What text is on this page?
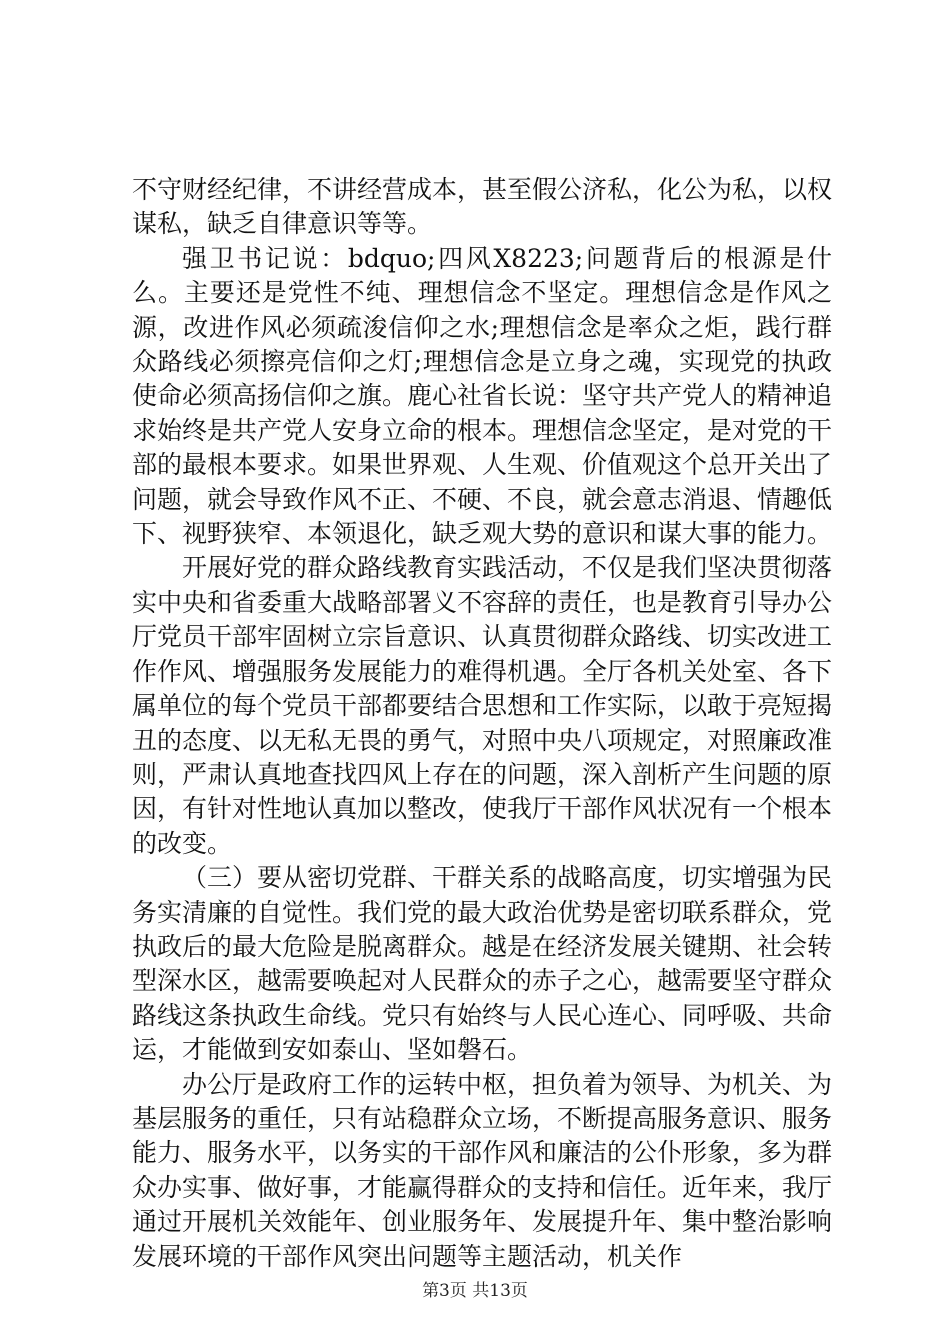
不守财经纪律，不讲经营成本，甚至假公济私，化公为私，以权谋私，缺乏自律意识等等。

强卫书记说：bdquo;四风X8223;问题背后的根源是什么。主要还是党性不纯、理想信念不坚定。理想信念是作风之源，改进作风必须疏浚信仰之水;理想信念是率众之炬，践行群众路线必须擦亮信仰之灯;理想信念是立身之魂，实现党的执政使命必须高扬信仰之旗。鹿心社省长说：坚守共产党人的精神追求始终是共产党人安身立命的根本。理想信念坚定，是对党的干部的最根本要求。如果世界观、人生观、价值观这个总开关出了问题，就会导致作风不正、不硬、不良，就会意志消退、情趣低下、视野狭窄、本领退化，缺乏观大势的意识和谋大事的能力。

开展好党的群众路线教育实践活动，不仅是我们坚决贯彻落实中央和省委重大战略部署义不容辞的责任，也是教育引导办公厅党员干部牢固树立宗旨意识、认真贯彻群众路线、切实改进工作作风、增强服务发展能力的难得机遇。全厅各机关处室、各下属单位的每个党员干部都要结合思想和工作实际，以敢于亮短揭丑的态度、以无私无畏的勇气，对照中央八项规定，对照廉政准则，严肃认真地查找四风上存在的问题，深入剖析产生问题的原因，有针对性地认真加以整改，使我厅干部作风状况有一个根本的改变。

（三）要从密切党群、干群关系的战略高度，切实增强为民务实清廉的自觉性。我们党的最大政治优势是密切联系群众，党执政后的最大危险是脱离群众。越是在经济发展关键期、社会转型深水区，越需要唤起对人民群众的赤子之心，越需要坚守群众路线这条执政生命线。党只有始终与人民心连心、同呼吸、共命运，才能做到安如泰山、坚如磐石。

办公厅是政府工作的运转中枢，担负着为领导、为机关、为基层服务的重任，只有站稳群众立场，不断提高服务意识、服务能力、服务水平，以务实的干部作风和廉洁的公仆形象，多为群众办实事、做好事，才能赢得群众的支持和信任。近年来，我厅通过开展机关效能年、创业服务年、发展提升年、集中整治影响发展环境的干部作风突出问题等主题活动，机关作

第3页 共13页
